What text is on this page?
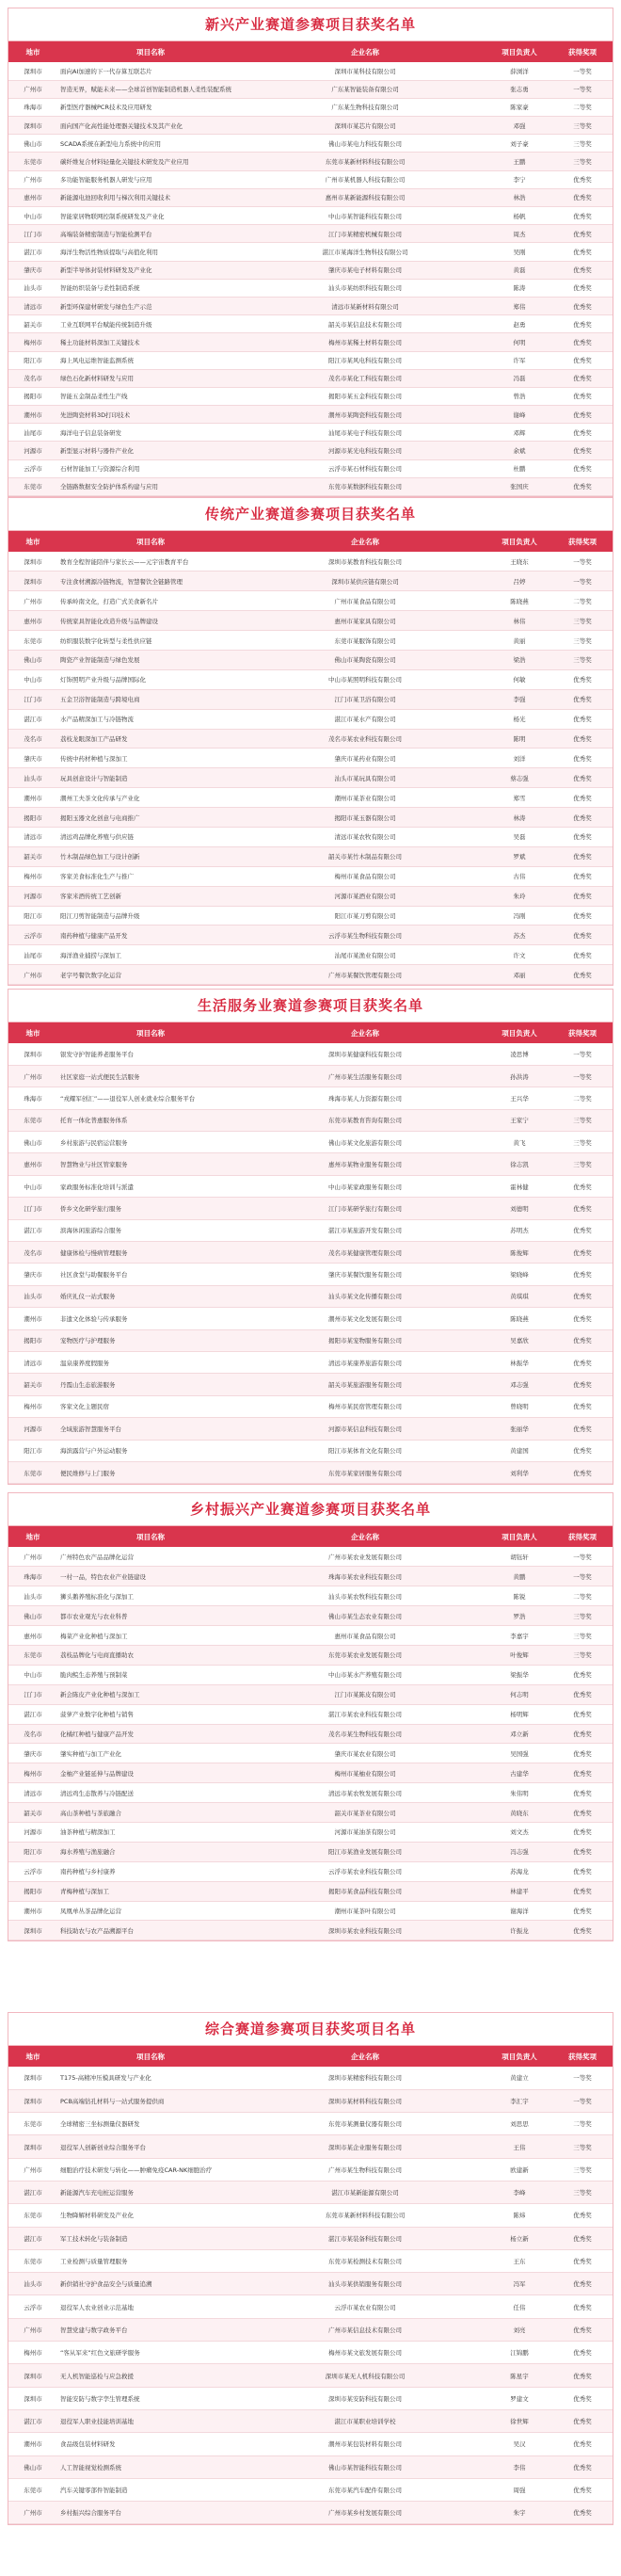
新兴产业赛道参赛项目获奖名单
地市	项目名称	企业名称	项目负责人	获得奖项
深圳市	面向AI加速的下一代存算互联芯片	深圳市某科技有限公司	薛浏洋	一等奖
广州市	智造无界，赋能未来——全球首创智能制造机器人柔性装配系统	广东某智能装备有限公司	张志勇	一等奖
珠海市	新型医疗器械PCR技术及应用研发	广东某生物科技有限公司	陈家豪	二等奖
深圳市	面向国产化高性能处理器关键技术及其产业化	深圳市某芯片有限公司	邓强	三等奖
佛山市	SCADA系统在新型电力系统中的应用	佛山市某电力科技有限公司	刘子豪	三等奖
东莞市	碳纤维复合材料轻量化关键技术研发及产业应用	东莞市某新材料科技有限公司	王鹏	三等奖
广州市	多功能智能服务机器人研发与应用	广州市某机器人科技有限公司	李宁	优秀奖
惠州市	新能源电池回收利用与梯次利用关键技术	惠州市某新能源科技有限公司	林浩	优秀奖
中山市	智能家居物联网控制系统研发及产业化	中山市某智能科技有限公司	杨帆	优秀奖
江门市	高端装备精密制造与智能检测平台	江门市某精密机械有限公司	周杰	优秀奖
湛江市	海洋生物活性物质提取与高值化利用	湛江市某海洋生物科技有限公司	吴刚	优秀奖
肇庆市	新型半导体封装材料研发及产业化	肇庆市某电子材料有限公司	黄磊	优秀奖
汕头市	智能纺织装备与柔性制造系统	汕头市某纺织科技有限公司	陈涛	优秀奖
清远市	新型环保建材研发与绿色生产示范	清远市某新材料有限公司	郑伟	优秀奖
韶关市	工业互联网平台赋能传统制造升级	韶关市某信息技术有限公司	赵勇	优秀奖
梅州市	稀土功能材料深加工关键技术	梅州市某稀土材料有限公司	何明	优秀奖
阳江市	海上风电运维智能监测系统	阳江市某风电科技有限公司	许军	优秀奖
茂名市	绿色石化新材料研发与应用	茂名市某化工科技有限公司	冯磊	优秀奖
揭阳市	智能五金制品柔性生产线	揭阳市某五金科技有限公司	曾浩	优秀奖
潮州市	先进陶瓷材料3D打印技术	潮州市某陶瓷科技有限公司	谢峰	优秀奖
汕尾市	海洋电子信息装备研发	汕尾市某电子科技有限公司	邓辉	优秀奖
河源市	新型显示材料与器件产业化	河源市某光电科技有限公司	余斌	优秀奖
云浮市	石材智能加工与资源综合利用	云浮市某石材科技有限公司	杜鹏	优秀奖
东莞市	全链路数据安全防护体系构建与应用	东莞市某数据科技有限公司	张国庆	优秀奖
传统产业赛道参赛项目获奖名单
地市	项目名称	企业名称	项目负责人	获得奖项
深圳市	教育全程智能陪伴与家长云——元宇宙教育平台	深圳市某教育科技有限公司	王晓东	一等奖
深圳市	专注食材溯源冷链物流，智慧餐饮全链路管理	深圳市某供应链有限公司	吕婷	一等奖
广州市	传承岭南文化，打造广式美食新名片	广州市某食品有限公司	陈晓燕	二等奖
惠州市	传统家具智能化改造升级与品牌建设	惠州市某家具有限公司	林伟	三等奖
东莞市	纺织服装数字化转型与柔性供应链	东莞市某服饰有限公司	黄丽	三等奖
佛山市	陶瓷产业智能制造与绿色发展	佛山市某陶瓷有限公司	梁浩	三等奖
中山市	灯饰照明产业升级与品牌国际化	中山市某照明科技有限公司	何敏	优秀奖
江门市	五金卫浴智能制造与跨境电商	江门市某卫浴有限公司	李强	优秀奖
湛江市	水产品精深加工与冷链物流	湛江市某水产有限公司	杨光	优秀奖
茂名市	荔枝龙眼深加工产品研发	茂名市某农业科技有限公司	陈明	优秀奖
肇庆市	传统中药材种植与深加工	肇庆市某药业有限公司	刘洋	优秀奖
汕头市	玩具创意设计与智能制造	汕头市某玩具有限公司	蔡志强	优秀奖
潮州市	潮州工夫茶文化传承与产业化	潮州市某茶业有限公司	郑雪	优秀奖
揭阳市	揭阳玉器文化创意与电商推广	揭阳市某玉器有限公司	林涛	优秀奖
清远市	清远鸡品牌化养殖与供应链	清远市某农牧有限公司	吴磊	优秀奖
韶关市	竹木制品绿色加工与设计创新	韶关市某竹木制品有限公司	罗斌	优秀奖
梅州市	客家美食标准化生产与推广	梅州市某食品有限公司	古伟	优秀奖
河源市	客家米酒传统工艺创新	河源市某酒业有限公司	朱玲	优秀奖
阳江市	阳江刀剪智能制造与品牌升级	阳江市某刀剪有限公司	冯刚	优秀奖
云浮市	南药种植与健康产品开发	云浮市某生物科技有限公司	苏杰	优秀奖
汕尾市	海洋渔业捕捞与深加工	汕尾市某渔业有限公司	许文	优秀奖
广州市	老字号餐饮数字化运营	广州市某餐饮管理有限公司	邓丽	优秀奖
生活服务业赛道参赛项目获奖名单
地市	项目名称	企业名称	项目负责人	获得奖项
深圳市	银发守护智能养老服务平台	深圳市某健康科技有限公司	凌思博	一等奖
广州市	社区家庭一站式便民生活服务	广州市某生活服务有限公司	孙洪涛	一等奖
珠海市	“戎耀军创汇”——退役军人创业就业综合服务平台	珠海市某人力资源有限公司	王兴华	二等奖
东莞市	托育一体化普惠服务体系	东莞市某教育咨询有限公司	王家宁	三等奖
佛山市	乡村旅游与民宿运营服务	佛山市某文化旅游有限公司	黄飞	三等奖
惠州市	智慧物业与社区管家服务	惠州市某物业服务有限公司	徐志凯	三等奖
中山市	家政服务标准化培训与派遣	中山市某家政服务有限公司	霍林健	优秀奖
江门市	侨乡文化研学旅行服务	江门市某研学旅行有限公司	刘德明	优秀奖
湛江市	滨海休闲旅游综合服务	湛江市某旅游开发有限公司	苏明杰	优秀奖
茂名市	健康体检与慢病管理服务	茂名市某健康管理有限公司	陈俊辉	优秀奖
肇庆市	社区食堂与助餐服务平台	肇庆市某餐饮服务有限公司	梁晓峰	优秀奖
汕头市	婚庆礼仪一站式服务	汕头市某文化传播有限公司	黄琪琪	优秀奖
潮州市	非遗文化体验与传承服务	潮州市某文化发展有限公司	陈晓燕	优秀奖
揭阳市	宠物医疗与护理服务	揭阳市某宠物服务有限公司	吴嘉欣	优秀奖
清远市	温泉康养度假服务	清远市某康养旅游有限公司	林振华	优秀奖
韶关市	丹霞山生态旅游服务	韶关市某旅游服务有限公司	邓志强	优秀奖
梅州市	客家文化主题民宿	梅州市某民宿管理有限公司	曾晓明	优秀奖
河源市	全域旅游智慧服务平台	河源市某信息科技有限公司	张丽华	优秀奖
阳江市	海滨露营与户外运动服务	阳江市某体育文化有限公司	黄建国	优秀奖
东莞市	便民维修与上门服务	东莞市某家居服务有限公司	刘利华	优秀奖
乡村振兴产业赛道参赛项目获奖名单
地市	项目名称	企业名称	项目负责人	获得奖项
广州市	广州特色农产品品牌化运营	广州市某农业发展有限公司	胡钰轩	一等奖
珠海市	一村一品，特色农业产业链建设	珠海市某农业科技有限公司	黄鹏	一等奖
汕头市	狮头鹅养殖标准化与深加工	汕头市某农牧科技有限公司	陈锐	二等奖
佛山市	都市农业观光与农业科普	佛山市某生态农业有限公司	罗浩	三等奖
惠州市	梅菜产业化种植与深加工	惠州市某食品有限公司	李嘉宇	三等奖
东莞市	荔枝品牌化与电商直播助农	东莞市某农业发展有限公司	叶俊辉	三等奖
中山市	脆肉鲩生态养殖与预制菜	中山市某水产养殖有限公司	梁振华	优秀奖
江门市	新会陈皮产业化种植与深加工	江门市某陈皮有限公司	何志明	优秀奖
湛江市	菠萝产业数字化种植与销售	湛江市某农业科技有限公司	杨明辉	优秀奖
茂名市	化橘红种植与健康产品开发	茂名市某生物科技有限公司	邓立新	优秀奖
肇庆市	肇实种植与加工产业化	肇庆市某农业有限公司	吴国强	优秀奖
梅州市	金柚产业链延伸与品牌建设	梅州市某柚业有限公司	古建华	优秀奖
清远市	清远鸡生态散养与冷链配送	清远市某农牧发展有限公司	朱伟明	优秀奖
韶关市	高山茶种植与茶旅融合	韶关市某茶业有限公司	黄晓东	优秀奖
河源市	油茶种植与精深加工	河源市某油茶有限公司	刘文杰	优秀奖
阳江市	海水养殖与渔旅融合	阳江市某渔业发展有限公司	冯志强	优秀奖
云浮市	南药种植与乡村康养	云浮市某农业科技有限公司	苏海龙	优秀奖
揭阳市	青梅种植与深加工	揭阳市某食品科技有限公司	林建平	优秀奖
潮州市	凤凰单丛茶品牌化运营	潮州市某茶叶有限公司	谢海洋	优秀奖
深圳市	科技助农与农产品溯源平台	深圳市某农业科技有限公司	许振龙	优秀奖
综合赛道参赛项目获奖项目名单
地市	项目名称	企业名称	项目负责人	获得奖项
深圳市	T175-高精冲压模具研发与产业化	深圳市某精密科技有限公司	黄建立	一等奖
深圳市	PCB高端钻孔材料与一站式服务提供商	深圳市某材料科技有限公司	李汇宇	一等奖
东莞市	全球精密三坐标测量仪器研发	东莞市某测量仪器有限公司	刘思思	二等奖
深圳市	退役军人创新创业综合服务平台	深圳市某企业服务有限公司	王伟	三等奖
广州市	细胞治疗技术研发与转化——肿瘤免疫CAR-NK细胞治疗	广州市某生物科技有限公司	欧建新	三等奖
湛江市	新能源汽车充电桩运营服务	湛江市某新能源有限公司	李峰	三等奖
东莞市	生物降解材料研发及产业化	东莞市某新材料科技有限公司	陈炜	优秀奖
湛江市	军工技术转化与装备制造	湛江市某装备科技有限公司	杨立新	优秀奖
东莞市	工业检测与质量管理服务	东莞市某检测技术有限公司	王东	优秀奖
汕头市	新供销社守护食品安全与质量追溯	汕头市某供销服务有限公司	冯军	优秀奖
云浮市	退役军人农业创业示范基地	云浮市某农业有限公司	任伟	优秀奖
广州市	智慧党建与数字政务平台	广州市某信息技术有限公司	刘亮	优秀奖
梅州市	“客从军来”红色文旅研学服务	梅州市某文旅发展有限公司	江锦鹏	优秀奖
深圳市	无人机智能巡检与应急救援	深圳市某无人机科技有限公司	陈星宇	优秀奖
深圳市	智能安防与数字孪生管理系统	深圳市某安防科技有限公司	罗建文	优秀奖
湛江市	退役军人职业技能培训基地	湛江市某职业培训学校	徐世辉	优秀奖
潮州市	食品级包装材料研发	潮州市某包装材料有限公司	吴汉	优秀奖
佛山市	人工智能视觉检测系统	佛山市某智能科技有限公司	李伟	优秀奖
东莞市	汽车关键零部件智能制造	东莞市某汽车配件有限公司	周强	优秀奖
广州市	乡村振兴综合服务平台	广州市某乡村发展有限公司	朱宇	优秀奖
